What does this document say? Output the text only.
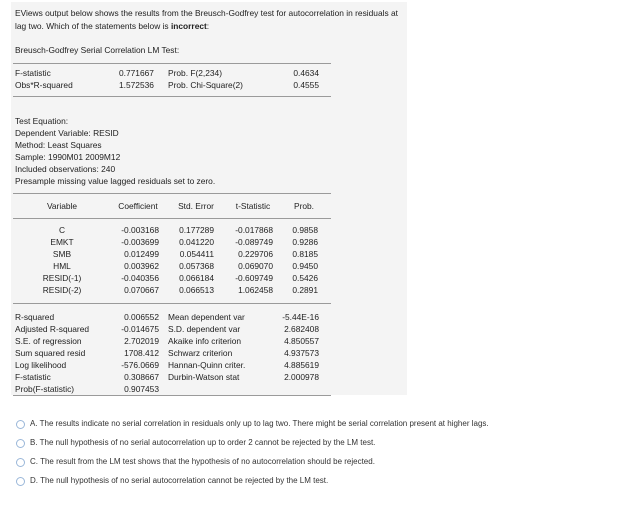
EViews output below shows the results from the Breusch-Godfrey test for autocorrelation in residuals at lag two. Which of the statements below is incorrect:
Breusch-Godfrey Serial Correlation LM Test:
F-statistic	0.771667 Prob. F(2,234)	0.4634
Obs*R-squared	1.572536 Prob. Chi-Square(2)	0.4555
Test Equation:
Dependent Variable: RESID
Method: Least Squares
Sample: 1990M01 2009M12
Included observations: 240
Presample missing value lagged residuals set to zero.
Variable	Coefficient	Std. Error	t-Statistic	Prob.
C	-0.003168	0.177289	-0.017868	0.9858
EMKT	-0.003699	0.041220	-0.089749	0.9286
SMB	0.012499	0.054411	0.229706	0.8185
HML	0.003962	0.057368	0.069070	0.9450
RESID(-1)	-0.040356	0.066184	-0.609749	0.5426
RESID(-2)	0.070667	0.066513	1.062458	0.2891
R-squared	0.006552 Mean dependent var	-5.44E-16
Adjusted R-squared	-0.014675 S.D. dependent var	2.682408
S.E. of regression	2.702019 Akaike info criterion	4.850557
Sum squared resid	1708.412 Schwarz criterion	4.937573
Log likelihood	-576.0669 Hannan-Quinn criter.	4.885619
F-statistic	0.308667 Durbin-Watson stat	2.000978
Prob(F-statistic)	0.907453
A. The results indicate no serial correlation in residuals only up to lag two. There might be serial correlation present at higher lags.
B. The null hypothesis of no serial autocorrelation up to order 2 cannot be rejected by the LM test.
C. The result from the LM test shows that the hypothesis of no autocorrelation should be rejected.
D. The null hypothesis of no serial autocorrelation cannot be rejected by the LM test.
